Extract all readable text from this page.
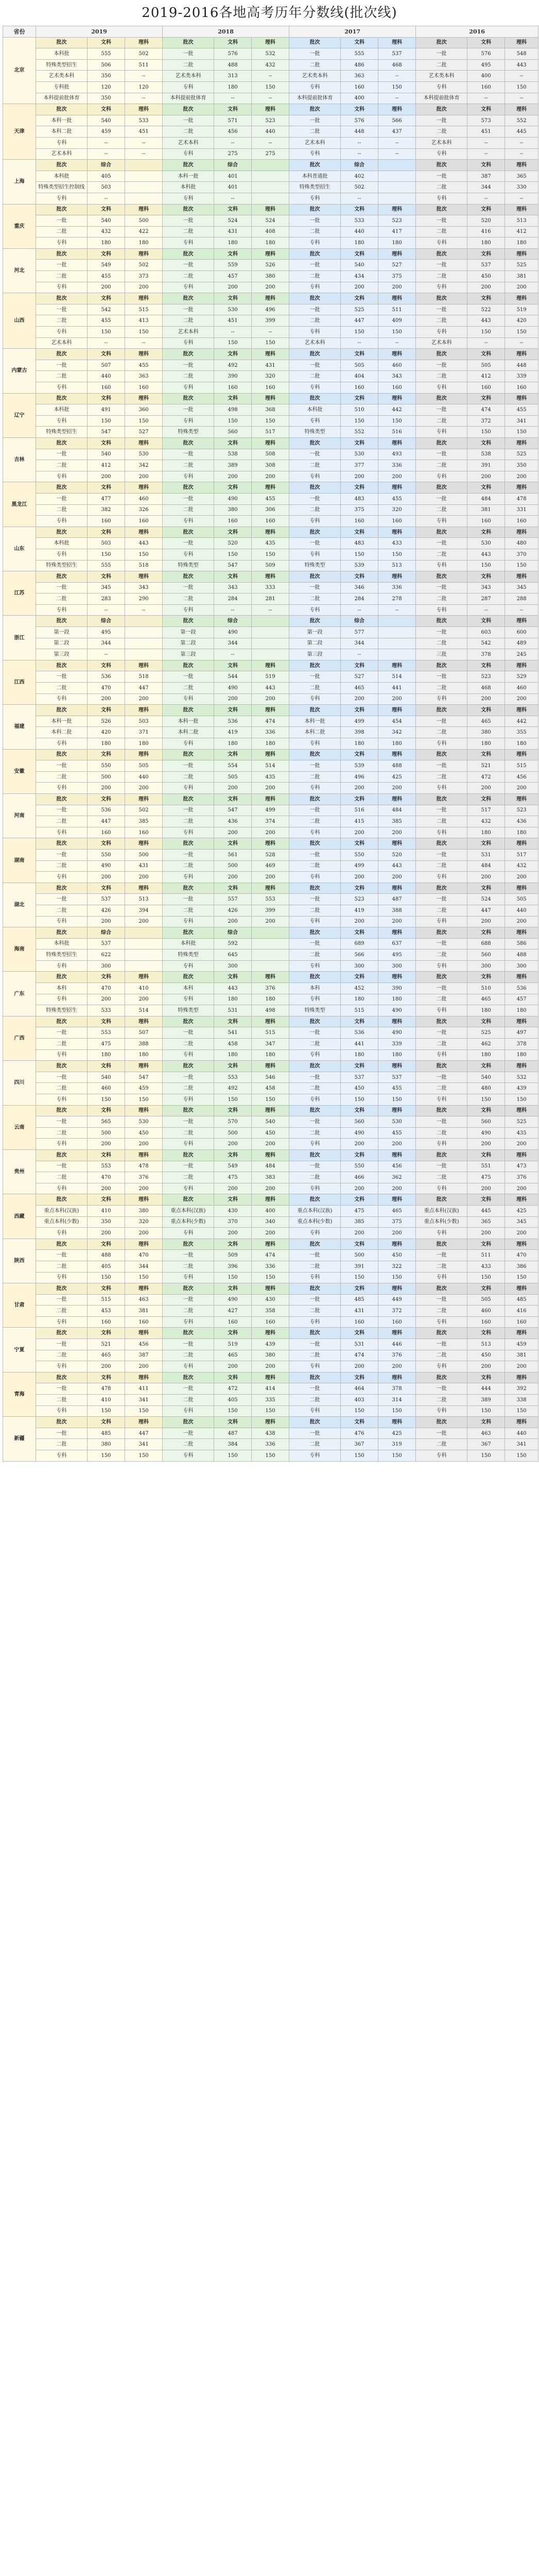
2019-2016各地高考历年分数线(批次线)
省份	2019			2018			2017			2016		
北京	批次	文科	理科	批次	文科	理科	批次	文科	理科	批次	文科	理科
	本科批	555	502	一批	576	532	一批	555	537	一批	576	548
	特殊类型招生	506	511	二批	488	432	二批	486	468	二批	495	443
	艺术类本科	350	--	艺术类本科	313	--	艺术类本科	363	--	艺术类本科	400	--
	专科批	120	120	专科	180	150	专科	160	150	专科	160	150
	本科提前批体育	350	--	本科提前批体育	--	--	本科提前批体育	400	--	本科提前批体育	--	--
天津	批次	文科	理科	批次	文科	理科	批次	文科	理科	批次	文科	理科
	本科一批	540	533	一批	571	523	一批	576	566	一批	573	552
	本科二批	459	451	二批	456	440	二批	448	437	二批	451	445
	专科	--	--	艺术本科	--	--	艺术本科	--	--	艺术本科	--	--
	艺术本科	--	--	专科	275	275	专科	--	--	专科	--	--
上海	批次	综合		批次	综合		批次	综合		批次	文科	理科
	本科批	405		本科一批	401		本科普通批	402		一批	387	365
	特殊类型招生控制线	503		本科批	401		特殊类型招生	502		二批	344	330
	专科	--		专科	--		专科	--		专科	--	--
重庆	批次	文科	理科	批次	文科	理科	批次	文科	理科	批次	文科	理科
	一批	540	500	一批	524	524	一批	533	523	一批	520	513
	二批	432	422	二批	431	408	二批	440	417	二批	416	412
	专科	180	180	专科	180	180	专科	180	180	专科	180	180
河北	批次	文科	理科	批次	文科	理科	批次	文科	理科	批次	文科	理科
	一批	549	502	一批	559	526	一批	540	527	一批	537	525
	二批	455	373	二批	457	380	二批	434	375	二批	450	381
	专科	200	200	专科	200	200	专科	200	200	专科	200	200
山西	批次	文科	理科	批次	文科	理科	批次	文科	理科	批次	文科	理科
	一批	542	515	一批	530	496	一批	525	511	一批	522	519
	二批	455	413	二批	451	399	二批	447	409	二批	443	420
	专科	150	150	艺术本科	--	--	专科	150	150	专科	150	150
	艺术本科	--	--	专科	150	150	艺术本科	--	--	艺术本科	--	--
内蒙古	批次	文科	理科	批次	文科	理科	批次	文科	理科	批次	文科	理科
	一批	507	455	一批	492	431	一批	505	460	一批	505	448
	二批	440	363	二批	390	320	二批	404	343	二批	412	339
	专科	160	160	专科	160	160	专科	160	160	专科	160	160
辽宁	批次	文科	理科	批次	文科	理科	批次	文科	理科	批次	文科	理科
	本科批	491	360	一批	498	368	本科批	510	442	一批	474	455
	专科	150	150	专科	150	150	专科	150	150	二批	372	341
	特殊类型招生	547	527	特殊类型	560	517	特殊类型	552	516	专科	150	150
吉林	批次	文科	理科	批次	文科	理科	批次	文科	理科	批次	文科	理科
	一批	540	530	一批	538	508	一批	530	493	一批	538	525
	二批	412	342	二批	389	308	二批	377	336	二批	391	350
	专科	200	200	专科	200	200	专科	200	200	专科	200	200
黑龙江	批次	文科	理科	批次	文科	理科	批次	文科	理科	批次	文科	理科
	一批	477	460	一批	490	455	一批	483	455	一批	484	478
	二批	382	326	二批	380	306	二批	375	320	二批	381	331
	专科	160	160	专科	160	160	专科	160	160	专科	160	160
山东	批次	文科	理科	批次	文科	理科	批次	文科	理科	批次	文科	理科
	本科批	503	443	一批	520	435	一批	483	433	一批	530	480
	专科	150	150	专科	150	150	专科	150	150	二批	443	370
	特殊类型招生	555	518	特殊类型	547	509	特殊类型	539	513	专科	150	150
江苏	批次	文科	理科	批次	文科	理科	批次	文科	理科	批次	文科	理科
	一批	345	343	一批	343	333	一批	346	336	一批	343	345
	二批	283	290	二批	284	281	二批	284	278	二批	287	288
	专科	--	--	专科	--	--	专科	--	--	专科	--	--
浙江	批次	综合		批次	综合		批次	综合		批次	文科	理科
	第一段	495		第一段	490		第一段	577		一批	603	600
	第二段	344		第二段	344		第二段	344		二批	542	489
	第三段	--		第三段	--		第三段	--		三批	378	245
江西	批次	文科	理科	批次	文科	理科	批次	文科	理科	批次	文科	理科
	一批	536	518	一批	544	519	一批	527	514	一批	523	529
	二批	470	447	二批	490	443	二批	465	441	二批	468	460
	专科	200	200	专科	200	200	专科	200	200	专科	200	200
福建	批次	文科	理科	批次	文科	理科	批次	文科	理科	批次	文科	理科
	本科一批	526	503	本科一批	536	474	本科一批	499	454	一批	465	442
	本科二批	420	371	本科二批	419	336	本科二批	398	342	二批	380	355
	专科	180	180	专科	180	180	专科	180	180	专科	180	180
安徽	批次	文科	理科	批次	文科	理科	批次	文科	理科	批次	文科	理科
	一批	550	505	一批	554	514	一批	539	488	一批	521	515
	二批	500	440	二批	505	435	二批	496	425	二批	472	456
	专科	200	200	专科	200	200	专科	200	200	专科	200	200
河南	批次	文科	理科	批次	文科	理科	批次	文科	理科	批次	文科	理科
	一批	536	502	一批	547	499	一批	516	484	一批	517	523
	二批	447	385	二批	436	374	二批	415	385	二批	432	436
	专科	160	160	专科	200	200	专科	200	200	专科	180	180
湖南	批次	文科	理科	批次	文科	理科	批次	文科	理科	批次	文科	理科
	一批	550	500	一批	561	528	一批	550	520	一批	531	517
	二批	490	431	二批	500	469	二批	499	443	二批	484	432
	专科	200	200	专科	200	200	专科	200	200	专科	200	200
湖北	批次	文科	理科	批次	文科	理科	批次	文科	理科	批次	文科	理科
	一批	537	513	一批	557	553	一批	523	487	一批	524	505
	二批	426	394	二批	426	399	二批	419	388	二批	447	440
	专科	200	200	专科	200	200	专科	200	200	专科	200	200
海南	批次	综合		批次	综合		批次	文科	理科	批次	文科	理科
	本科批	537		本科批	592		一批	689	637	一批	688	586
	特殊类型招生	622		特殊类型	645		二批	566	495	二批	560	488
	专科	300		专科	300		专科	300	300	专科	300	300
广东	批次	文科	理科	批次	文科	理科	批次	文科	理科	批次	文科	理科
	本科	470	410	本科	443	376	本科	452	390	一批	510	536
	专科	200	200	专科	180	180	专科	180	180	二批	465	457
	特殊类型招生	533	514	特殊类型	531	498	特殊类型	515	490	专科	180	180
广西	批次	文科	理科	批次	文科	理科	批次	文科	理科	批次	文科	理科
	一批	553	507	一批	541	515	一批	536	490	一批	525	497
	二批	475	388	二批	458	347	二批	441	339	二批	462	378
	专科	180	180	专科	180	180	专科	180	180	专科	180	180
四川	批次	文科	理科	批次	文科	理科	批次	文科	理科	批次	文科	理科
	一批	540	547	一批	553	546	一批	537	537	一批	540	532
	二批	460	459	二批	492	458	二批	450	455	二批	480	439
	专科	150	150	专科	150	150	专科	150	150	专科	150	150
云南	批次	文科	理科	批次	文科	理科	批次	文科	理科	批次	文科	理科
	一批	565	530	一批	570	540	一批	560	530	一批	560	525
	二批	500	450	二批	500	450	二批	490	455	二批	490	435
	专科	200	200	专科	200	200	专科	200	200	专科	200	200
贵州	批次	文科	理科	批次	文科	理科	批次	文科	理科	批次	文科	理科
	一批	553	478	一批	549	484	一批	550	456	一批	551	473
	二批	470	376	二批	475	383	二批	466	362	二批	475	376
	专科	200	200	专科	200	200	专科	200	200	专科	200	200
西藏	批次	文科	理科	批次	文科	理科	批次	文科	理科	批次	文科	理科
	重点本科(汉族)	410	380	重点本科(汉族)	430	400	重点本科(汉族)	475	465	重点本科(汉族)	445	425
	重点本科(少数)	350	320	重点本科(少数)	370	340	重点本科(少数)	385	375	重点本科(少数)	365	345
	专科	200	200	专科	200	200	专科	200	200	专科	200	200
陕西	批次	文科	理科	批次	文科	理科	批次	文科	理科	批次	文科	理科
	一批	488	470	一批	509	474	一批	500	450	一批	511	470
	二批	405	344	二批	396	336	二批	391	322	二批	433	386
	专科	150	150	专科	150	150	专科	150	150	专科	150	150
甘肃	批次	文科	理科	批次	文科	理科	批次	文科	理科	批次	文科	理科
	一批	515	463	一批	490	430	一批	485	449	一批	505	485
	二批	453	381	二批	427	358	二批	431	372	二批	460	416
	专科	160	160	专科	160	160	专科	160	160	专科	160	160
宁夏	批次	文科	理科	批次	文科	理科	批次	文科	理科	批次	文科	理科
	一批	521	456	一批	519	439	一批	531	446	一批	513	459
	二批	465	387	二批	465	380	二批	474	376	二批	450	381
	专科	200	200	专科	200	200	专科	200	200	专科	200	200
青海	批次	文科	理科	批次	文科	理科	批次	文科	理科	批次	文科	理科
	一批	478	411	一批	472	414	一批	464	378	一批	444	392
	二批	410	341	二批	405	335	二批	403	314	二批	389	338
	专科	150	150	专科	150	150	专科	150	150	专科	150	150
新疆	批次	文科	理科	批次	文科	理科	批次	文科	理科	批次	文科	理科
	一批	485	447	一批	487	438	一批	476	425	一批	463	440
	二批	380	341	二批	384	336	二批	367	319	二批	367	341
	专科	150	150	专科	150	150	专科	150	150	专科	150	150
